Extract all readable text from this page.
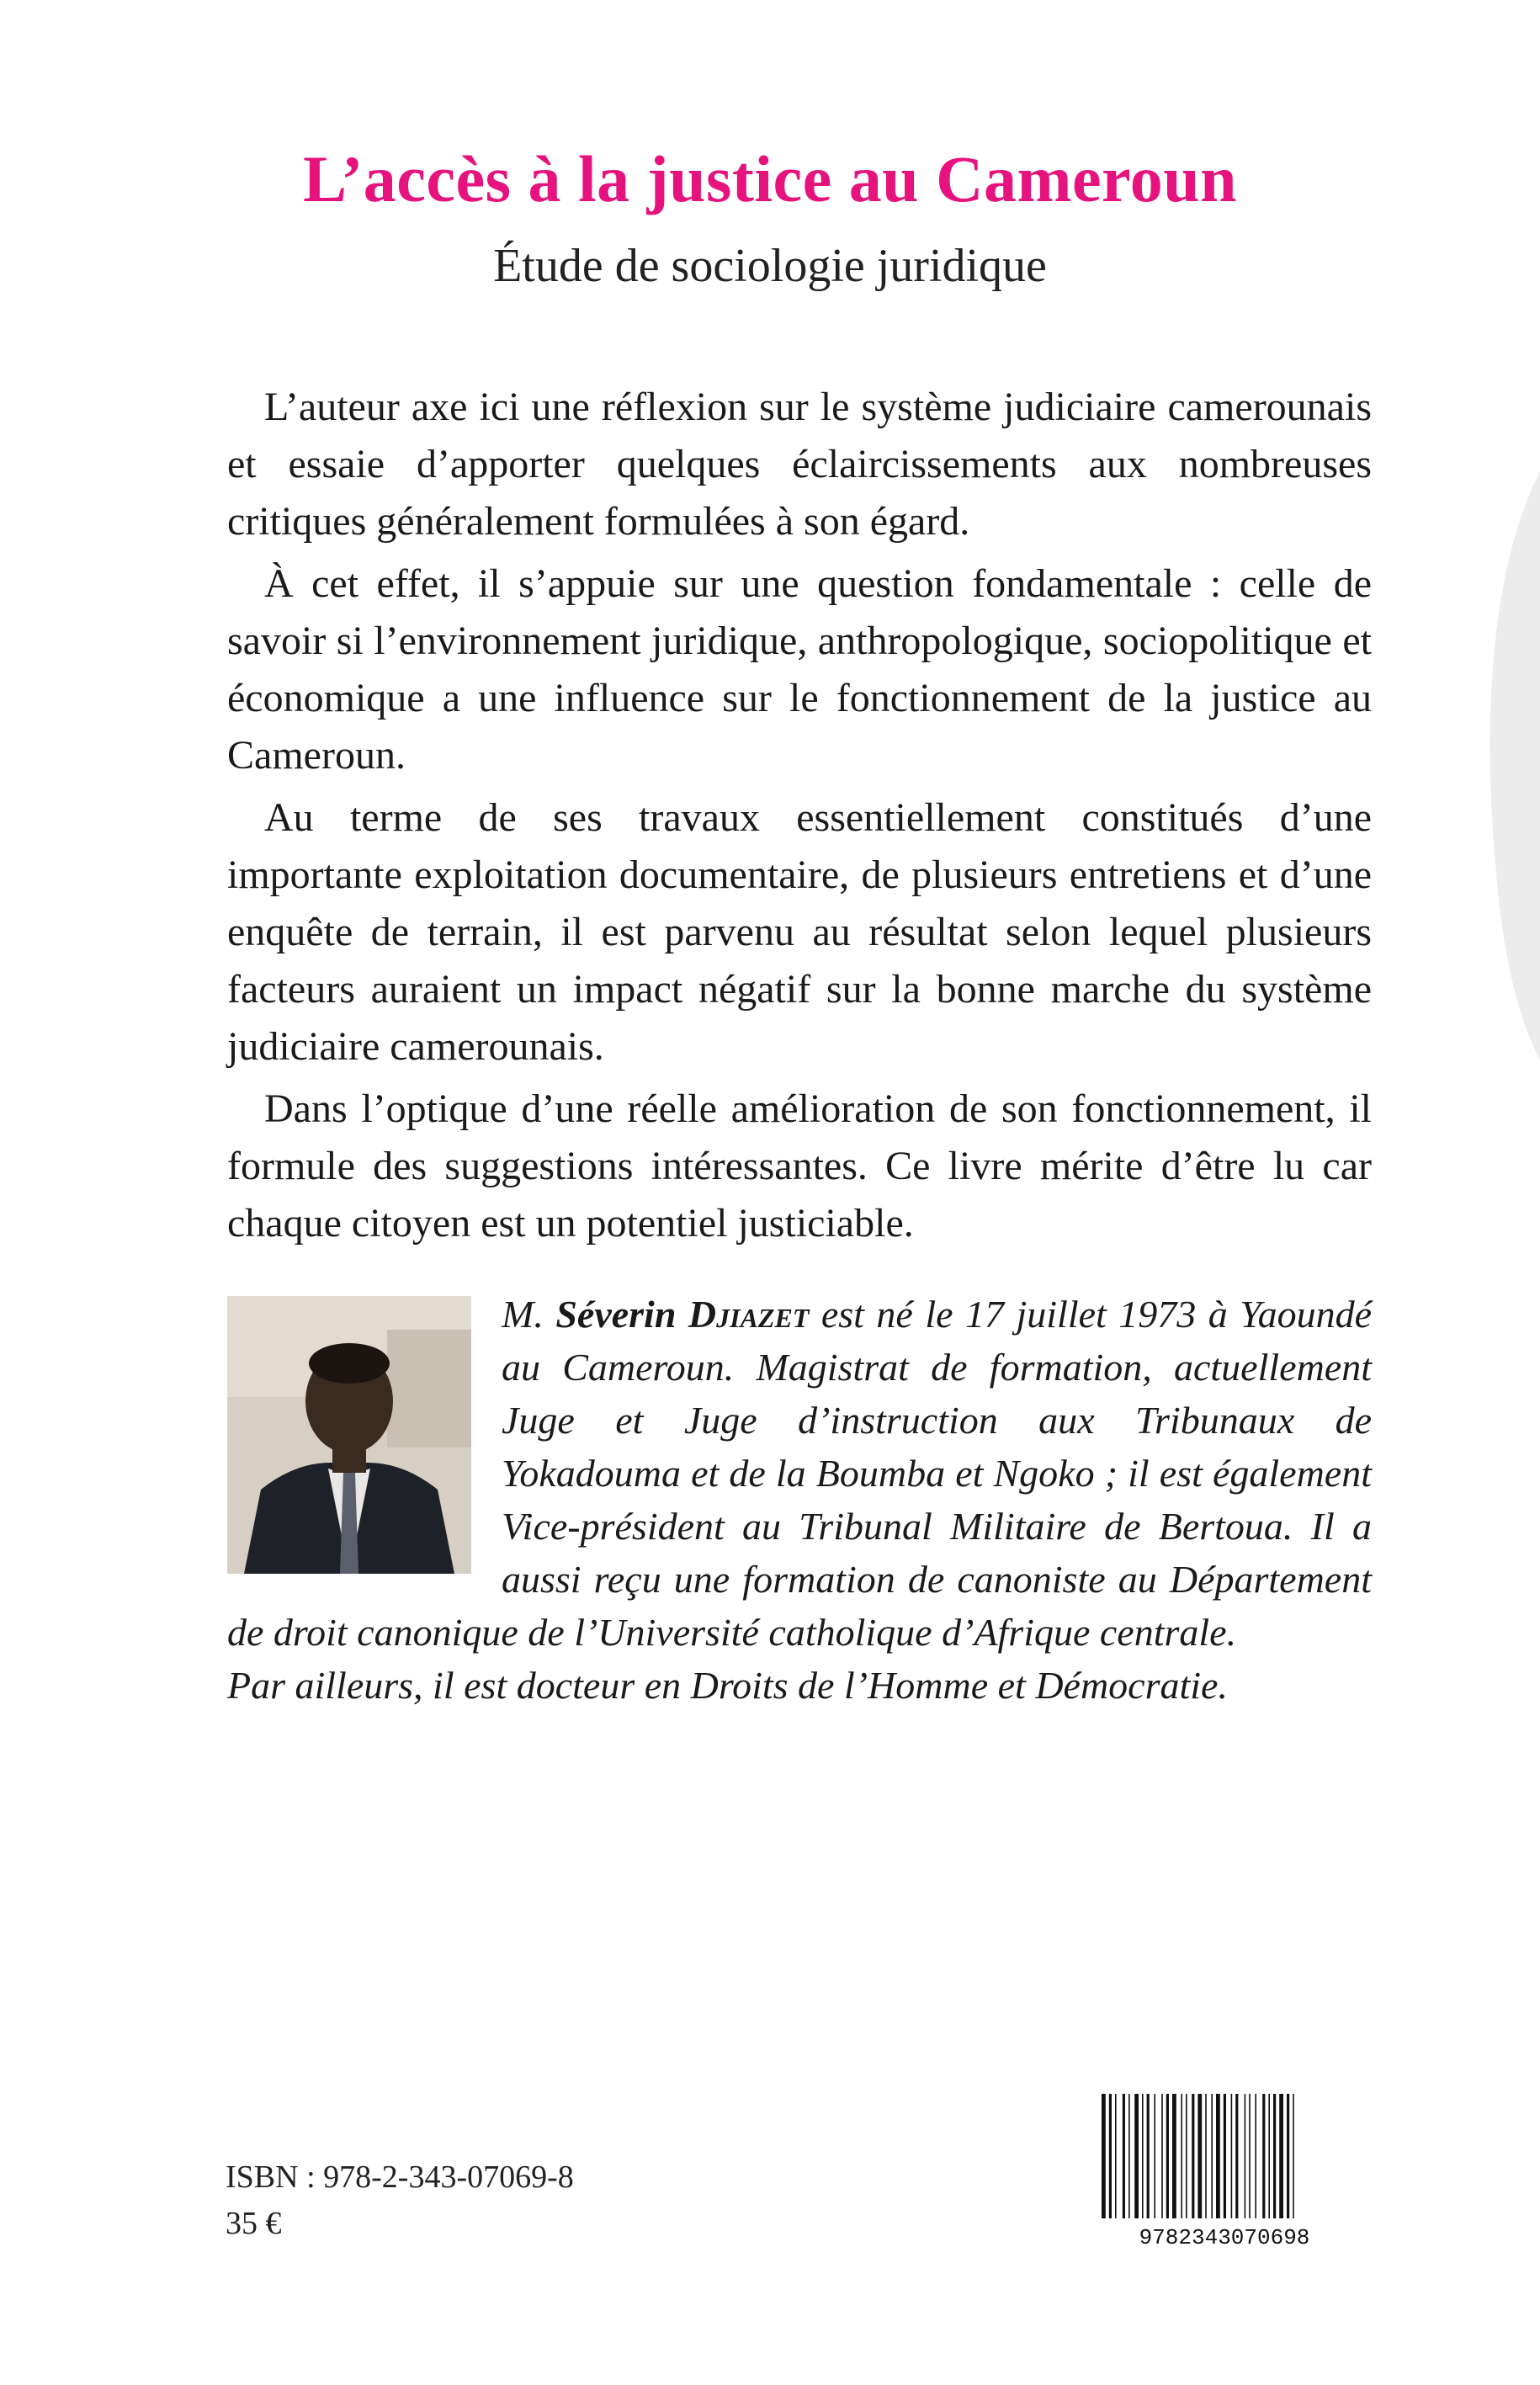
L’accès à la justice au Cameroun
Étude de sociologie juridique

L’auteur axe ici une réflexion sur le système judiciaire camerounais et essaie d’apporter quelques éclaircissements aux nombreuses critiques généralement formulées à son égard.

À cet effet, il s’appuie sur une question fondamentale : celle de savoir si l’environnement juridique, anthropologique, sociopolitique et économique a une influence sur le fonctionnement de la justice au Cameroun.

Au terme de ses travaux essentiellement constitués d’une importante exploitation documentaire, de plusieurs entretiens et d’une enquête de terrain, il est parvenu au résultat selon lequel plusieurs facteurs auraient un impact négatif sur la bonne marche du système judiciaire camerounais.

Dans l’optique d’une réelle amélioration de son fonctionnement, il formule des suggestions intéressantes. Ce livre mérite d’être lu car chaque citoyen est un potentiel justiciable.

M. Séverin Djiazet est né le 17 juillet 1973 à Yaoundé au Cameroun. Magistrat de formation, actuellement Juge et Juge d’instruction aux Tribunaux de Yokadouma et de la Boumba et Ngoko ; il est également Vice-président au Tribunal Militaire de Bertoua. Il a aussi reçu une formation de canoniste au Département de droit canonique de l’Université catholique d’Afrique centrale.

Par ailleurs, il est docteur en Droits de l’Homme et Démocratie.

ISBN : 978-2-343-07069-8
35 €	9782343070698
